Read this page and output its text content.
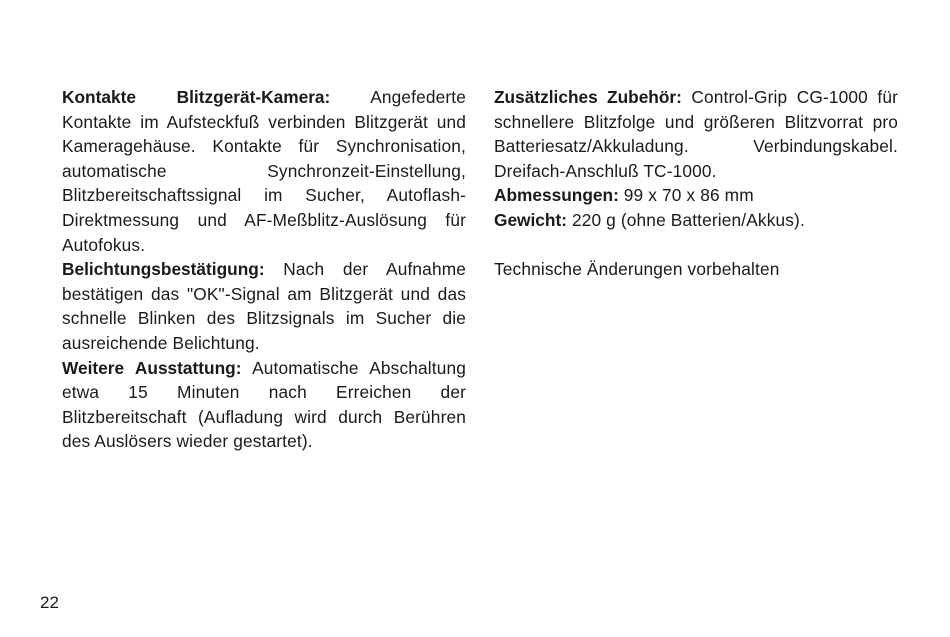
Kontakte Blitzgerät-Kamera: Angefederte Kontakte im Aufsteckfuß verbinden Blitzgerät und Kameragehäuse. Kontakte für Synchronisation, automatische Synchronzeit-Einstellung, Blitzbereitschaftssignal im Sucher, Autoflash-Direktmessung und AF-Meßblitz-Auslösung für Autofokus.

Belichtungsbestätigung: Nach der Aufnahme bestätigen das "OK"-Signal am Blitzgerät und das schnelle Blinken des Blitzsignals im Sucher die ausreichende Belichtung.

Weitere Ausstattung: Automatische Abschaltung etwa 15 Minuten nach Erreichen der Blitzbereitschaft (Aufladung wird durch Berühren des Auslösers wieder gestartet).

Zusätzliches Zubehör: Control-Grip CG-1000 für schnellere Blitzfolge und größeren Blitzvorrat pro Batteriesatz/Akkuladung. Verbindungskabel. Dreifach-Anschluß TC-1000.

Abmessungen: 99 x 70 x 86 mm

Gewicht: 220 g (ohne Batterien/Akkus).

Technische Änderungen vorbehalten

22
